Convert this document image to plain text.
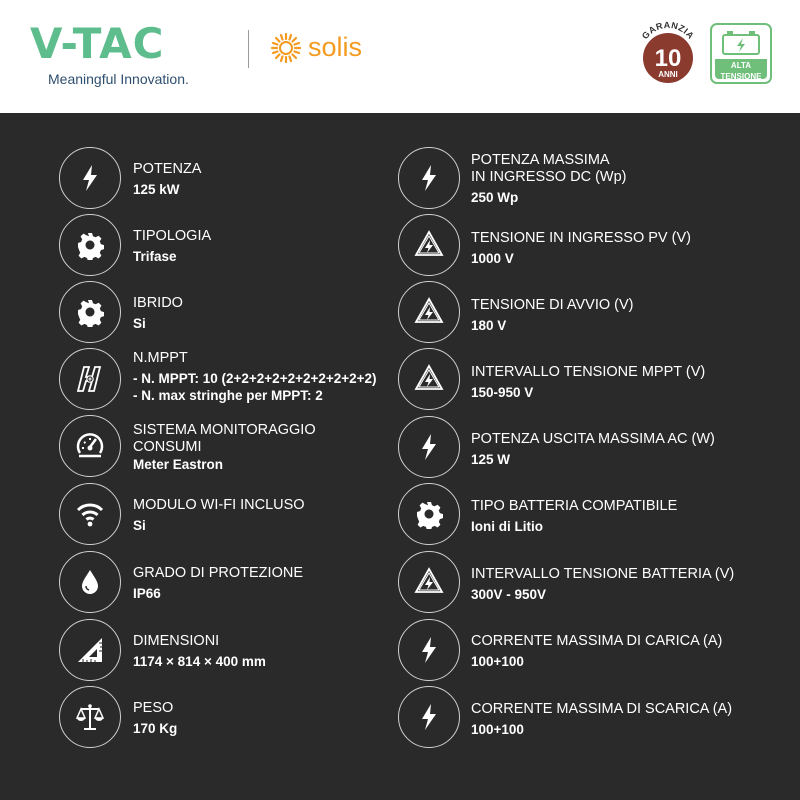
V-TAC
Meaningful Innovation.
solis	GARANZIA
10
ANNI
ALTA
TENSIONE
POTENZA
125 kW
TIPOLOGIA
Trifase
IBRIDO
Si
N.MPPT
- N. MPPT: 10 (2+2+2+2+2+2+2+2+2+2)
- N. max stringhe per MPPT: 2
SISTEMA MONITORAGGIO
CONSUMI
Meter Eastron
MODULO WI-FI INCLUSO
Si
GRADO DI PROTEZIONE
IP66
DIMENSIONI
1174 × 814 × 400 mm
PESO
170 Kg
POTENZA MASSIMA
IN INGRESSO DC (Wp)
250 Wp
TENSIONE IN INGRESSO PV (V)
1000 V
TENSIONE DI AVVIO (V)
180 V
INTERVALLO TENSIONE MPPT (V)
150-950 V
POTENZA USCITA MASSIMA AC (W)
125 W
TIPO BATTERIA COMPATIBILE
Ioni di Litio
INTERVALLO TENSIONE BATTERIA (V)
300V - 950V
CORRENTE MASSIMA DI CARICA (A)
100+100
CORRENTE MASSIMA DI SCARICA (A)
100+100
